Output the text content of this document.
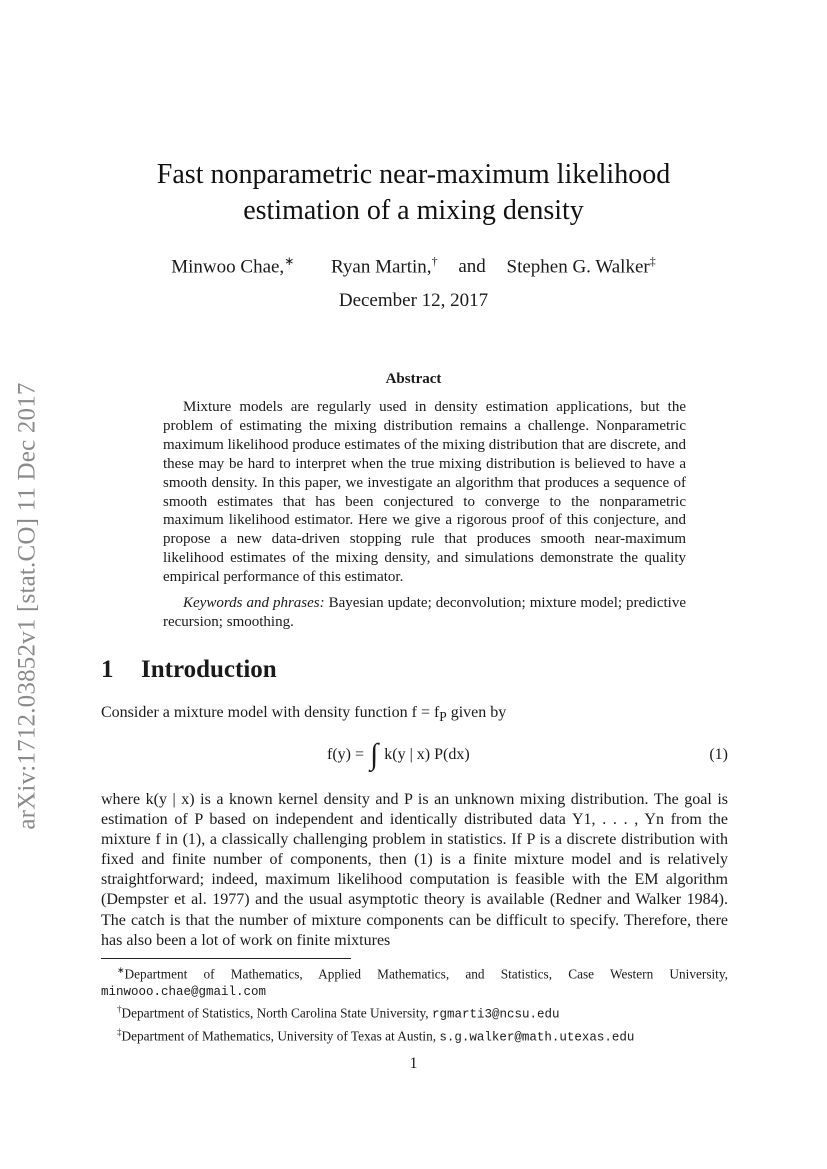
arXiv:1712.03852v1 [stat.CO] 11 Dec 2017
Fast nonparametric near-maximum likelihood
estimation of a mixing density
Minwoo Chae,∗ Ryan Martin,† and Stephen G. Walker‡
December 12, 2017
Abstract

Mixture models are regularly used in density estimation applications, but the problem of estimating the mixing distribution remains a challenge. Nonparametric maximum likelihood produce estimates of the mixing distribution that are discrete, and these may be hard to interpret when the true mixing distribution is believed to have a smooth density. In this paper, we investigate an algorithm that produces a sequence of smooth estimates that has been conjectured to converge to the nonparametric maximum likelihood estimator. Here we give a rigorous proof of this conjecture, and propose a new data-driven stopping rule that produces smooth near-maximum likelihood estimates of the mixing density, and simulations demonstrate the quality empirical performance of this estimator.

Keywords and phrases: Bayesian update; deconvolution; mixture model; predictive recursion; smoothing.

1 Introduction

Consider a mixture model with density function $f = f_P$ given by

f(y) = ∫ k(y | x) P(dx)	(1)

where k(y | x) is a known kernel density and P is an unknown mixing distribution. The goal is estimation of P based on independent and identically distributed data Y1, . . . , Yn from the mixture f in (1), a classically challenging problem in statistics. If P is a discrete distribution with fixed and finite number of components, then (1) is a finite mixture model and is relatively straightforward; indeed, maximum likelihood computation is feasible with the EM algorithm (Dempster et al. 1977) and the usual asymptotic theory is available (Redner and Walker 1984). The catch is that the number of mixture components can be difficult to specify. Therefore, there has also been a lot of work on finite mixtures

∗Department of Mathematics, Applied Mathematics, and Statistics, Case Western University, minwooo.chae@gmail.com

†Department of Statistics, North Carolina State University, rgmarti3@ncsu.edu

‡Department of Mathematics, University of Texas at Austin, s.g.walker@math.utexas.edu

1
